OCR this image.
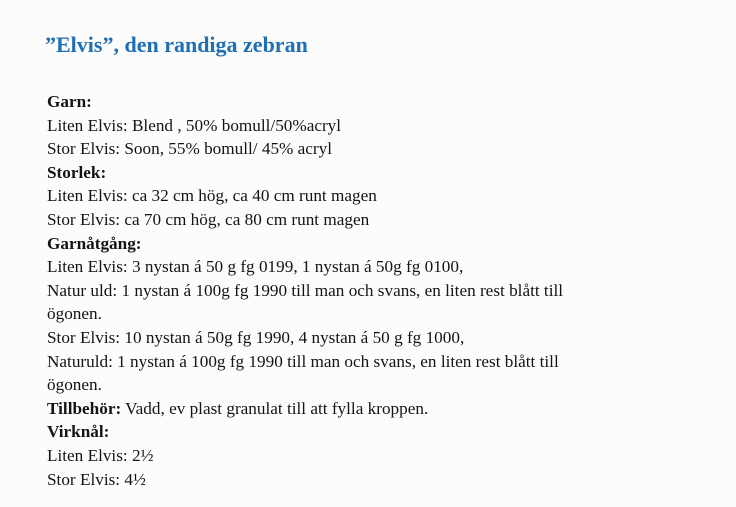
”Elvis”, den randiga zebran
Garn:
Liten Elvis: Blend , 50% bomull/50%acryl
Stor Elvis: Soon, 55% bomull/ 45% acryl
Storlek:
Liten Elvis: ca 32 cm hög, ca 40 cm runt magen
Stor Elvis: ca 70 cm hög, ca 80 cm runt magen
Garnåtgång:
Liten Elvis: 3 nystan á 50 g fg 0199, 1 nystan á 50g fg 0100,
Natur uld: 1 nystan á 100g fg 1990 till man och svans, en liten rest blått till
ögonen.
Stor Elvis: 10 nystan á 50g fg 1990, 4 nystan á 50 g fg 1000,
Naturuld: 1 nystan á 100g fg 1990 till man och svans, en liten rest blått till
ögonen.
Tillbehör: Vadd, ev plast granulat till att fylla kroppen.
Virknål:
Liten Elvis: 2½
Stor Elvis: 4½
